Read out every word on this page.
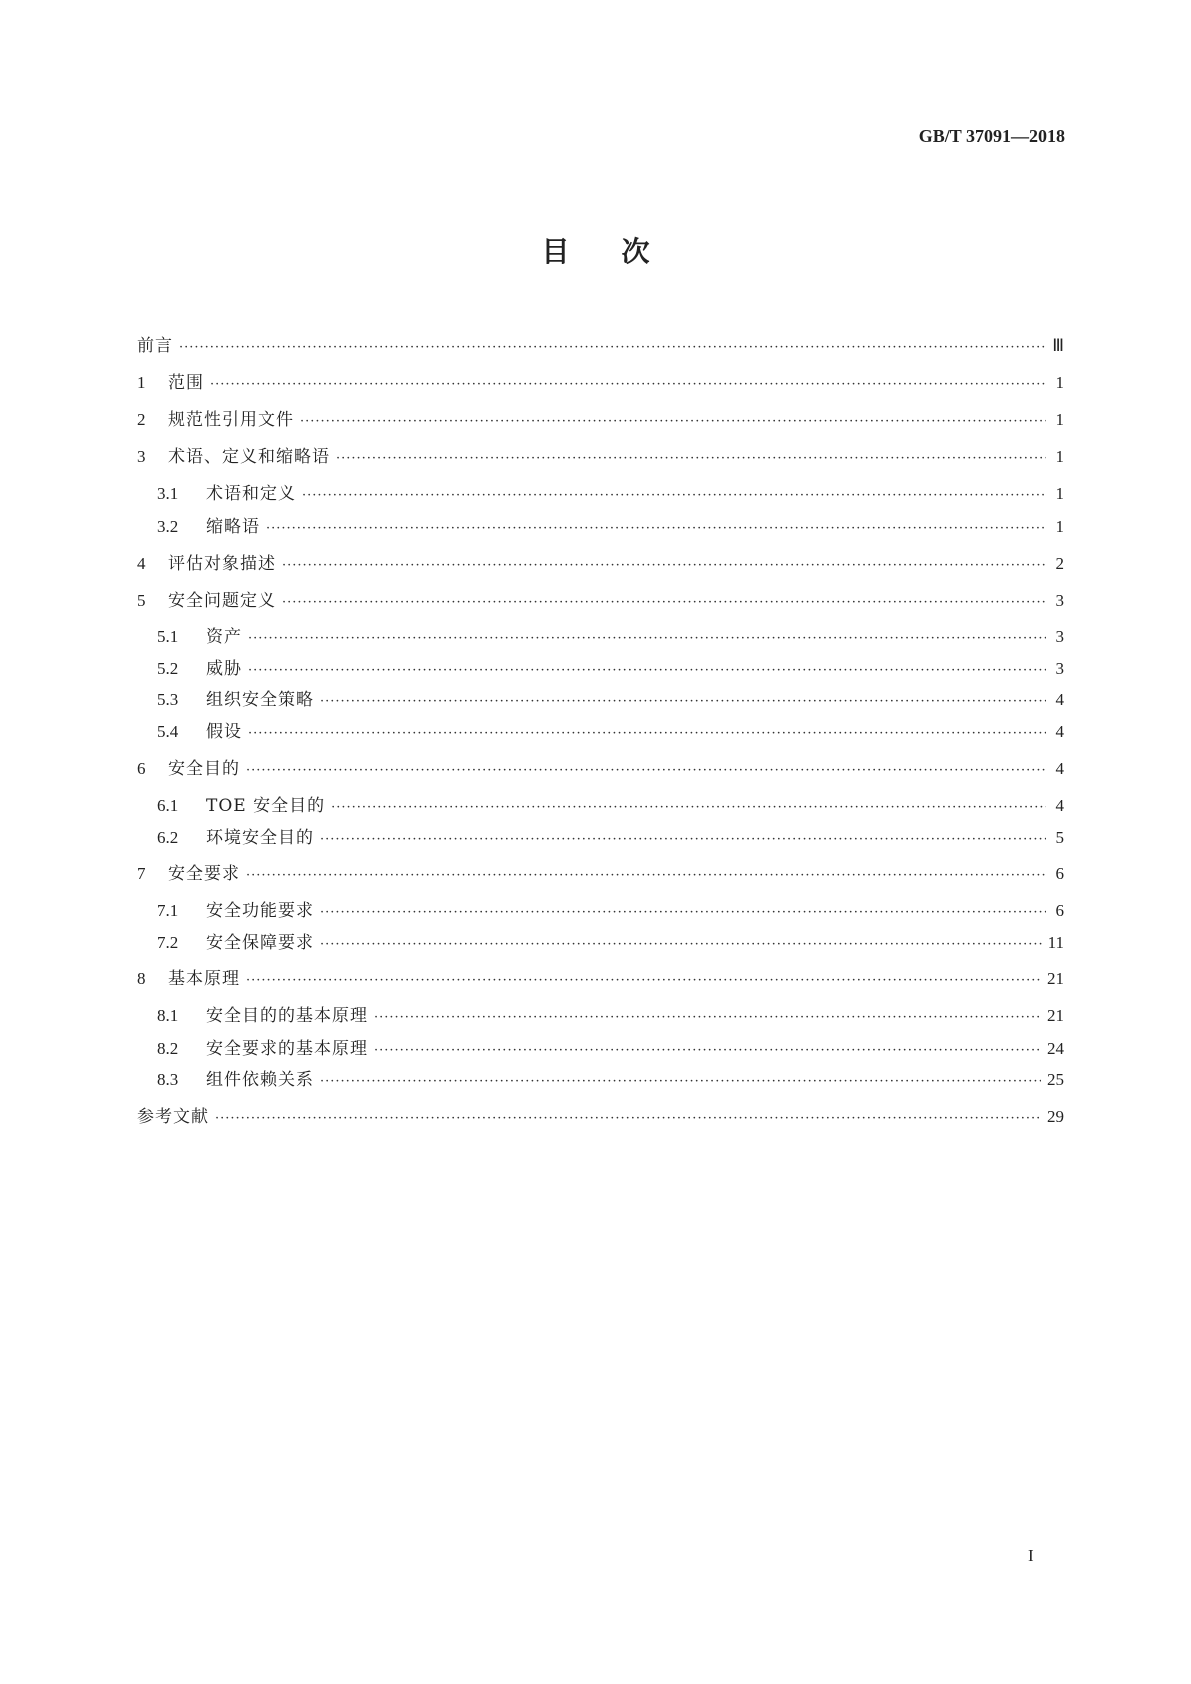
GB/T 37091—2018
目 次
前言 ·····	Ⅲ
1	范围 ·····	1
2	规范性引用文件 ·····	1
3	术语、定义和缩略语 ·····	1
3.1	术语和定义 ·····	1
3.2	缩略语 ·····	1
4	评估对象描述 ·····	2
5	安全问题定义 ·····	3
5.1	资产 ·····	3
5.2	威胁 ·····	3
5.3	组织安全策略 ·····	4
5.4	假设 ·····	4
6	安全目的 ·····	4
6.1	TOE 安全目的 ·····	4
6.2	环境安全目的 ·····	5
7	安全要求 ·····	6
7.1	安全功能要求 ·····	6
7.2	安全保障要求 ·····	11
8	基本原理 ·····	21
8.1	安全目的的基本原理 ·····	21
8.2	安全要求的基本原理 ·····	24
8.3	组件依赖关系 ·····	25
参考文献 ·····	29
I
